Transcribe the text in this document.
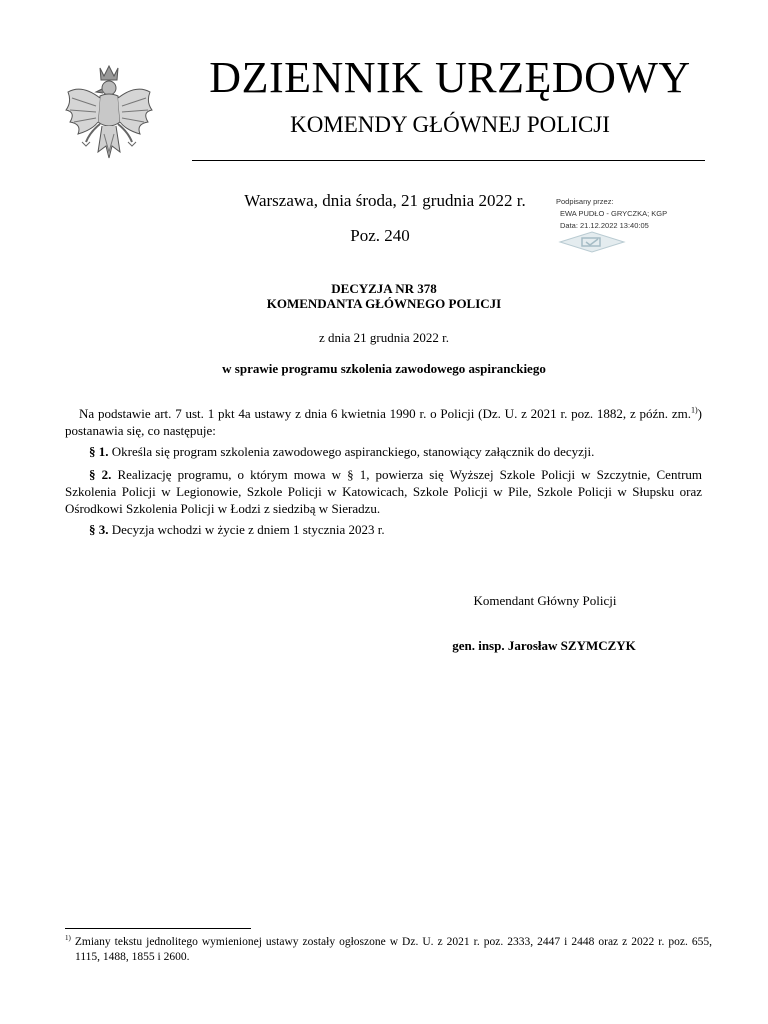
DZIENNIK URZĘDOWY
KOMENDY GŁÓWNEJ POLICJI
Warszawa, dnia środa, 21 grudnia 2022 r.
Poz. 240
Podpisany przez:
EWA PUDŁO - GRYCZKA; KGP
Data: 21.12.2022 13:40:05
DECYZJA NR 378
KOMENDANTA GŁÓWNEGO POLICJI
z dnia 21 grudnia 2022 r.
w sprawie programu szkolenia zawodowego aspiranckiego
Na podstawie art. 7 ust. 1 pkt 4a ustawy z dnia 6 kwietnia 1990 r. o Policji (Dz. U. z 2021 r. poz. 1882, z późn. zm.$^{1)}$) postanawia się, co następuje:
§ 1. Określa się program szkolenia zawodowego aspiranckiego, stanowiący załącznik do decyzji.
§ 2. Realizację programu, o którym mowa w § 1, powierza się Wyższej Szkole Policji w Szczytnie, Centrum Szkolenia Policji w Legionowie, Szkole Policji w Katowicach, Szkole Policji w Pile, Szkole Policji w Słupsku oraz Ośrodkowi Szkolenia Policji w Łodzi z siedzibą w Sieradzu.
§ 3. Decyzja wchodzi w życie z dniem 1 stycznia 2023 r.
Komendant Główny Policji
gen. insp. Jarosław SZYMCZYK
$^{1)}$ Zmiany tekstu jednolitego wymienionej ustawy zostały ogłoszone w Dz. U. z 2021 r. poz. 2333, 2447 i 2448 oraz z 2022 r. poz. 655, 1115, 1488, 1855 i 2600.
